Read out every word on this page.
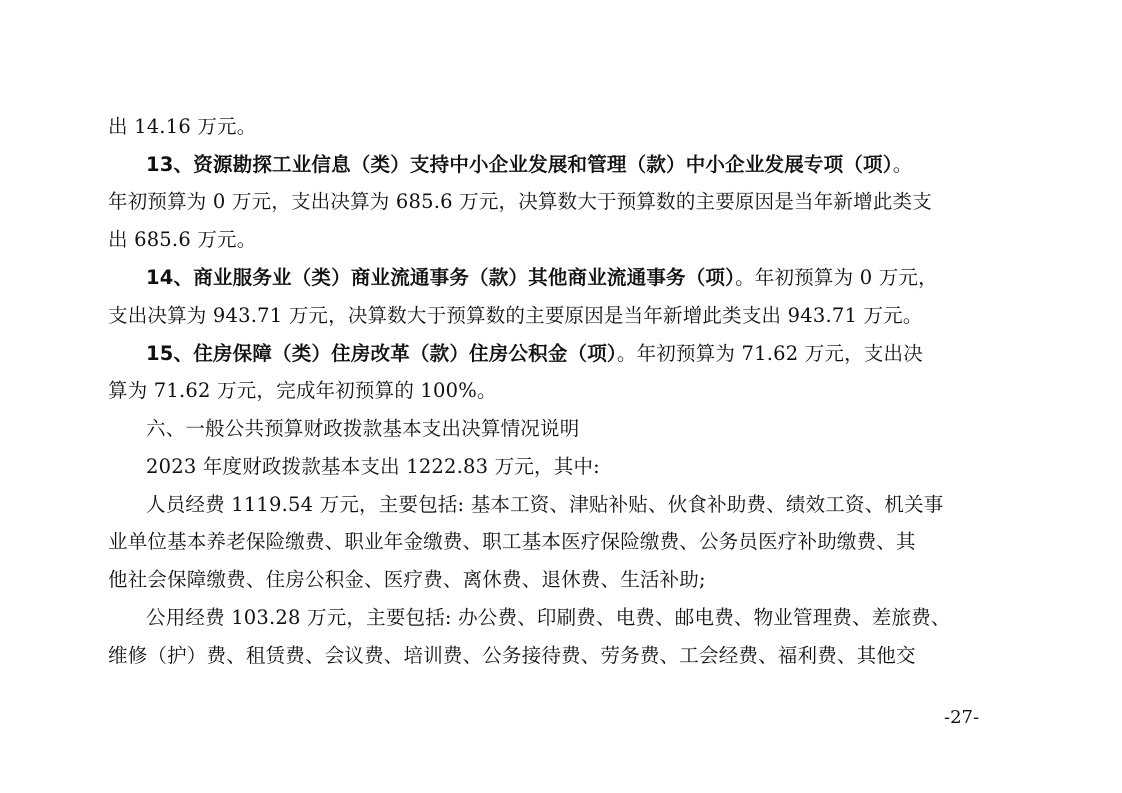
出 14.16 万元。
13、资源勘探工业信息（类）支持中小企业发展和管理（款）中小企业发展专项（项）。
年初预算为 0 万元，支出决算为 685.6 万元，决算数大于预算数的主要原因是当年新增此类支
出 685.6 万元。
14、商业服务业（类）商业流通事务（款）其他商业流通事务（项）。年初预算为 0 万元，
支出决算为 943.71 万元，决算数大于预算数的主要原因是当年新增此类支出 943.71 万元。
15、住房保障（类）住房改革（款）住房公积金（项）。年初预算为 71.62 万元，支出决
算为 71.62 万元，完成年初预算的 100%。
六、一般公共预算财政拨款基本支出决算情况说明
2023 年度财政拨款基本支出 1222.83 万元，其中:
人员经费 1119.54 万元，主要包括: 基本工资、津贴补贴、伙食补助费、绩效工资、机关事
业单位基本养老保险缴费、职业年金缴费、职工基本医疗保险缴费、公务员医疗补助缴费、其
他社会保障缴费、住房公积金、医疗费、离休费、退休费、生活补助;
公用经费 103.28 万元，主要包括: 办公费、印刷费、电费、邮电费、物业管理费、差旅费、
维修（护）费、租赁费、会议费、培训费、公务接待费、劳务费、工会经费、福利费、其他交
-27-
